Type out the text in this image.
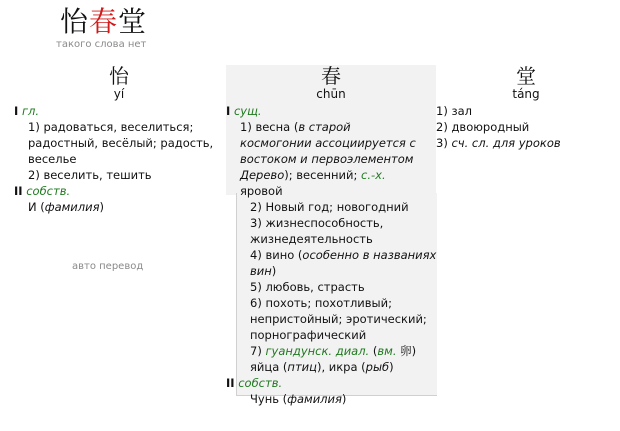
怡春堂
такого слова нет
怡
yí
I гл.
1) радоваться, веселиться;
радостный, весёлый; радость,
веселье
2) веселить, тешить
II собств.
И (фамилия)
春
chūn
I сущ.
1) весна (в старой
космогонии ассоциируется с
востоком и первоэлементом
Дерево); весенний; с.-х.
яровой
2) Новый год; новогодний
3) жизнеспособность,
жизнедеятельность
4) вино (особенно в названиях
вин)
5) любовь, страсть
6) похоть; похотливый;
непристойный; эротический;
порнографический
7) гуандунск. диал. (вм. 卵)
яйца (птиц), икра (рыб)
II собств.
Чунь (фамилия)
堂
táng
1) зал
2) двоюродный
3) сч. сл. для уроков
авто перевод
